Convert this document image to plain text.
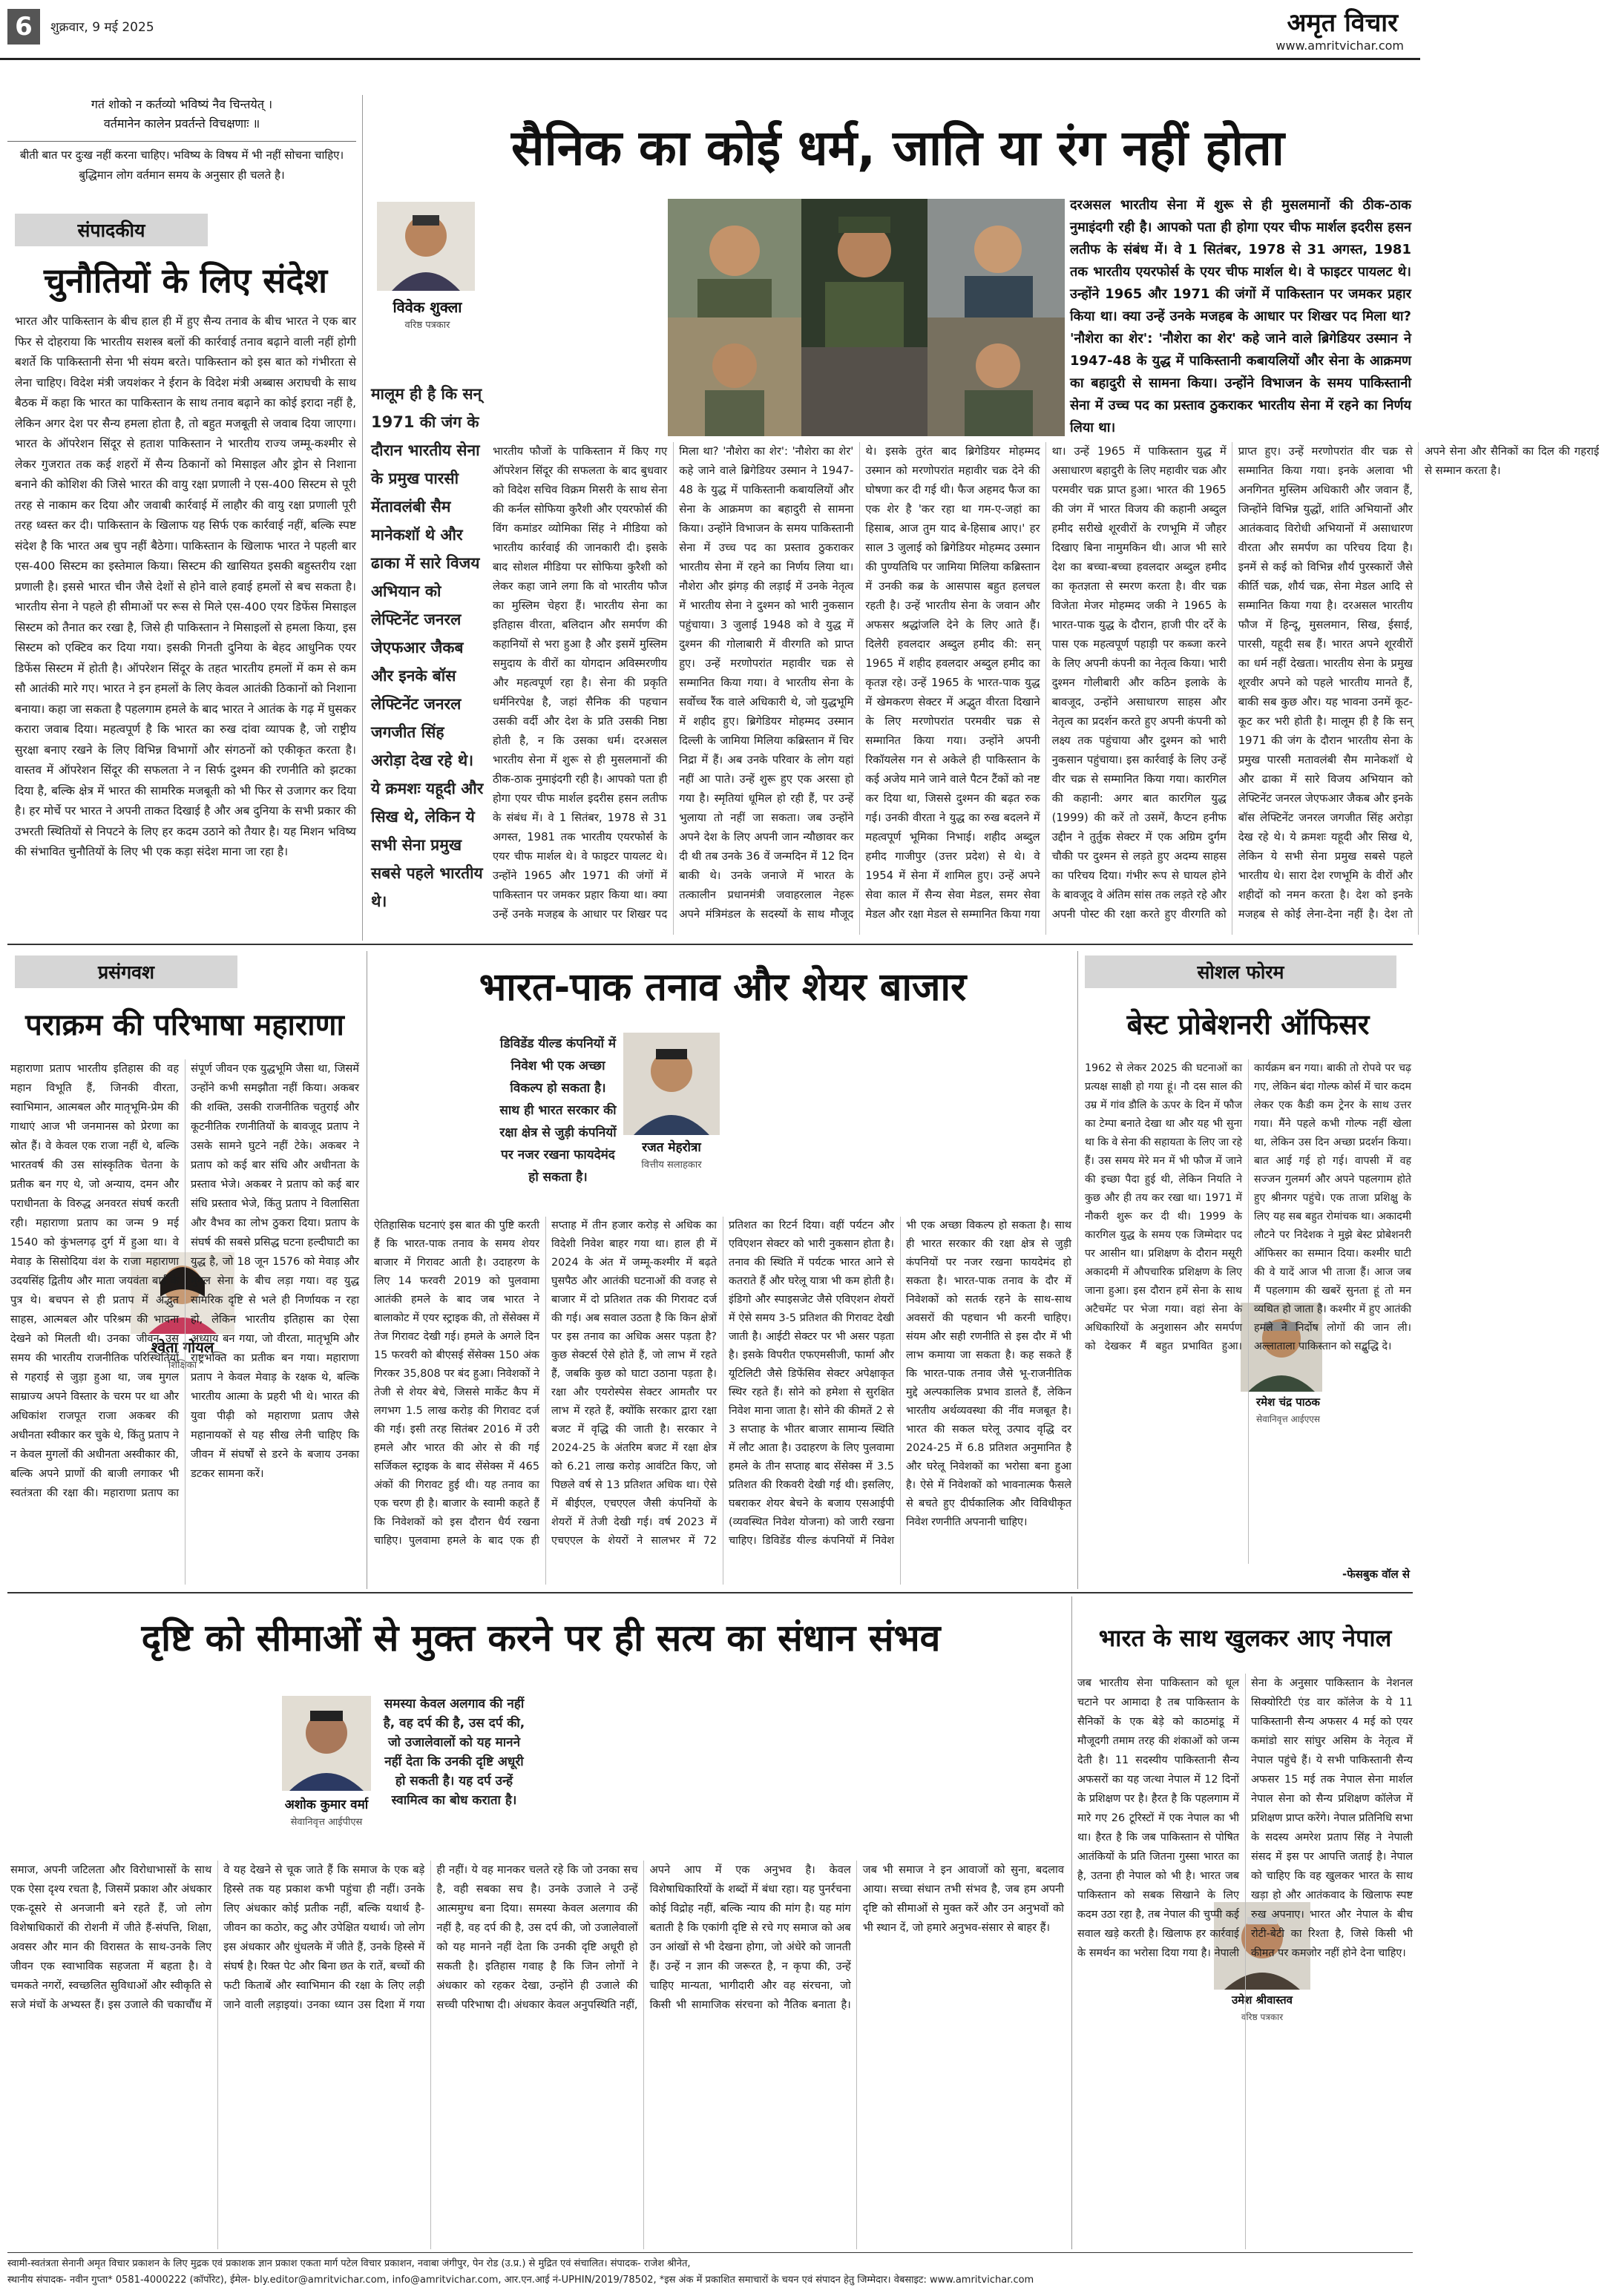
6	शुक्रवार, 9 मई 2025	अमृत विचार
www.amritvichar.com
गतं शोको न कर्तव्यो भविष्यं नैव चिन्तयेत् ।
वर्तमानेन कालेन प्रवर्तन्ते विचक्षणाः ॥
बीती बात पर दुःख नहीं करना चाहिए। भविष्य के विषय में भी नहीं सोचना चाहिए।
बुद्धिमान लोग वर्तमान समय के अनुसार ही चलते है।
संपादकीय
चुनौतियों के लिए संदेश
भारत और पाकिस्तान के बीच हाल ही में हुए सैन्य तनाव के बीच भारत ने एक बार फिर से दोहराया कि भारतीय सशस्त्र बलों की कार्रवाई तनाव बढ़ाने वाली नहीं होगी बशर्ते कि पाकिस्तानी सेना भी संयम बरते। पाकिस्तान को इस बात को गंभीरता से लेना चाहिए। विदेश मंत्री जयशंकर ने ईरान के विदेश मंत्री अब्बास अराघची के साथ बैठक में कहा कि भारत का पाकिस्तान के साथ तनाव बढ़ाने का कोई इरादा नहीं है, लेकिन अगर देश पर सैन्य हमला होता है, तो बहुत मजबूती से जवाब दिया जाएगा। भारत के ऑपरेशन सिंदूर से हताश पाकिस्तान ने भारतीय राज्य जम्मू-कश्मीर से लेकर गुजरात तक कई शहरों में सैन्य ठिकानों को मिसाइल और ड्रोन से निशाना बनाने की कोशिश की जिसे भारत की वायु रक्षा प्रणाली ने एस-400 सिस्टम से पूरी तरह से नाकाम कर दिया और जवाबी कार्रवाई में लाहौर की वायु रक्षा प्रणाली पूरी तरह ध्वस्त कर दी। पाकिस्तान के खिलाफ यह सिर्फ एक कार्रवाई नहीं, बल्कि स्पष्ट संदेश है कि भारत अब चुप नहीं बैठेगा। पाकिस्तान के खिलाफ भारत ने पहली बार एस-400 सिस्टम का इस्तेमाल किया। सिस्टम की खासियत इसकी बहुस्तरीय रक्षा प्रणाली है। इससे भारत चीन जैसे देशों से होने वाले हवाई हमलों से बच सकता है। भारतीय सेना ने पहले ही सीमाओं पर रूस से मिले एस-400 एयर डिफेंस मिसाइल सिस्टम को तैनात कर रखा है, जिसे ही पाकिस्तान ने मिसाइलों से हमला किया, इस सिस्टम को एक्टिव कर दिया गया। इसकी गिनती दुनिया के बेहद आधुनिक एयर डिफेंस सिस्टम में होती है। ऑपरेशन सिंदूर के तहत भारतीय हमलों में कम से कम सौ आतंकी मारे गए। भारत ने इन हमलों के लिए केवल आतंकी ठिकानों को निशाना बनाया। कहा जा सकता है पहलगाम हमले के बाद भारत ने आतंक के गढ़ में घुसकर करारा जवाब दिया। महत्वपूर्ण है कि भारत का रुख दांवा व्यापक है, जो राष्ट्रीय सुरक्षा बनाए रखने के लिए विभिन्न विभागों और संगठनों को एकीकृत करता है। वास्तव में ऑपरेशन सिंदूर की सफलता ने न सिर्फ दुश्मन की रणनीति को झटका दिया है, बल्कि क्षेत्र में भारत की सामरिक मजबूती को भी फिर से उजागर कर दिया है। हर मोर्चे पर भारत ने अपनी ताकत दिखाई है और अब दुनिया के सभी प्रकार की उभरती स्थितियों से निपटने के लिए हर कदम उठाने को तैयार है। यह मिशन भविष्य की संभावित चुनौतियों के लिए भी एक कड़ा संदेश माना जा रहा है।
सैनिक का कोई धर्म, जाति या रंग नहीं होता
विवेक शुक्ला
वरिष्ठ पत्रकार
मालूम ही है कि सन् 1971 की जंग के दौरान भारतीय सेना के प्रमुख पारसी मेंतावलंबी सैम मानेकशॉ थे और ढाका में सारे विजय अभियान को लेफ्टिनेंट जनरल जेएफआर जैकब और इनके बॉस लेफ्टिनेंट जनरल जगजीत सिंह अरोड़ा देख रहे थे। ये क्रमशः यहूदी और सिख थे, लेकिन ये सभी सेना प्रमुख सबसे पहले भारतीय थे।
दरअसल भारतीय सेना में शुरू से ही मुसलमानों की ठीक-ठाक नुमाइंदगी रही है। आपको पता ही होगा एयर चीफ मार्शल इदरीस हसन लतीफ के संबंध में। वे 1 सितंबर, 1978 से 31 अगस्त, 1981 तक भारतीय एयरफोर्स के एयर चीफ मार्शल थे। वे फाइटर पायलट थे। उन्होंने 1965 और 1971 की जंगों में पाकिस्तान पर जमकर प्रहार किया था। क्या उन्हें उनके मजहब के आधार पर शिखर पद मिला था? 'नौशेरा का शेर': 'नौशेरा का शेर' कहे जाने वाले ब्रिगेडियर उस्मान ने 1947-48 के युद्ध में पाकिस्तानी कबायलियों और सेना के आक्रमण का बहादुरी से सामना किया। उन्होंने विभाजन के समय पाकिस्तानी सेना में उच्च पद का प्रस्ताव ठुकराकर भारतीय सेना में रहने का निर्णय लिया था।
भारतीय फौजों के पाकिस्तान में किए गए ऑपरेशन सिंदूर की सफलता के बाद बुधवार को विदेश सचिव विक्रम मिसरी के साथ सेना की कर्नल सोफिया कुरैशी और एयरफोर्स की विंग कमांडर व्योमिका सिंह ने मीडिया को भारतीय कार्रवाई की जानकारी दी। इसके बाद सोशल मीडिया पर सोफिया कुरैशी को लेकर कहा जाने लगा कि वो भारतीय फौज का मुस्लिम चेहरा हैं। भारतीय सेना का इतिहास वीरता, बलिदान और समर्पण की कहानियों से भरा हुआ है और इसमें मुस्लिम समुदाय के वीरों का योगदान अविस्मरणीय और महत्वपूर्ण रहा है। सेना की प्रकृति धर्मनिरपेक्ष है, जहां सैनिक की पहचान उसकी वर्दी और देश के प्रति उसकी निष्ठा होती है, न कि उसका धर्म। दरअसल भारतीय सेना में शुरू से ही मुसलमानों की ठीक-ठाक नुमाइंदगी रही है। आपको पता ही होगा एयर चीफ मार्शल इदरीस हसन लतीफ के संबंध में। वे 1 सितंबर, 1978 से 31 अगस्त, 1981 तक भारतीय एयरफोर्स के एयर चीफ मार्शल थे। वे फाइटर पायलट थे। उन्होंने 1965 और 1971 की जंगों में पाकिस्तान पर जमकर प्रहार किया था। क्या उन्हें उनके मजहब के आधार पर शिखर पद मिला था? 'नौशेरा का शेर': 'नौशेरा का शेर' कहे जाने वाले ब्रिगेडियर उस्मान ने 1947-48 के युद्ध में पाकिस्तानी कबायलियों और सेना के आक्रमण का बहादुरी से सामना किया। उन्होंने विभाजन के समय पाकिस्तानी सेना में उच्च पद का प्रस्ताव ठुकराकर भारतीय सेना में रहने का निर्णय लिया था। नौशेरा और झंगड़ की लड़ाई में उनके नेतृत्व में भारतीय सेना ने दुश्मन को भारी नुकसान पहुंचाया। 3 जुलाई 1948 को वे युद्ध में दुश्मन की गोलाबारी में वीरगति को प्राप्त हुए। उन्हें मरणोपरांत महावीर चक्र से सम्मानित किया गया। वे भारतीय सेना के सर्वोच्च रैंक वाले अधिकारी थे, जो युद्धभूमि में शहीद हुए। ब्रिगेडियर मोहम्मद उस्मान दिल्ली के जामिया मिलिया कब्रिस्तान में चिर निद्रा में हैं। अब उनके परिवार के लोग यहां नहीं आ पाते। उन्हें शुरू हुए एक अरसा हो गया है। स्मृतियां धूमिल हो रही हैं, पर उन्हें भुलाया तो नहीं जा सकता। जब उन्होंने अपने देश के लिए अपनी जान न्यौछावर कर दी थी तब उनके 36 वें जन्मदिन में 12 दिन बाकी थे। उनके जनाजे में भारत के तत्कालीन प्रधानमंत्री जवाहरलाल नेहरू अपने मंत्रिमंडल के सदस्यों के साथ मौजूद थे। इसके तुरंत बाद ब्रिगेडियर मोहम्मद उस्मान को मरणोपरांत महावीर चक्र देने की घोषणा कर दी गई थी। फैज अहमद फैज का एक शेर है 'कर रहा था गम-ए-जहां का हिसाब, आज तुम याद बे-हिसाब आए।' हर साल 3 जुलाई को ब्रिगेडियर मोहम्मद उस्मान की पुण्यतिथि पर जामिया मिलिया कब्रिस्तान में उनकी कब्र के आसपास बहुत हलचल रहती है। उन्हें भारतीय सेना के जवान और अफसर श्रद्धांजलि देने के लिए आते हैं। दिलेरी हवलदार अब्दुल हमीद की: सन् 1965 में शहीद हवलदार अब्दुल हमीद का कृतज्ञ रहे। उन्हें 1965 के भारत-पाक युद्ध में खेमकरण सेक्टर में अद्भुत वीरता दिखाने के लिए मरणोपरांत परमवीर चक्र से सम्मानित किया गया। उन्होंने अपनी रिकॉयलेस गन से अकेले ही पाकिस्तान के कई अजेय माने जाने वाले पैटन टैंकों को नष्ट कर दिया था, जिससे दुश्मन की बढ़त रुक गई। उनकी वीरता ने युद्ध का रुख बदलने में महत्वपूर्ण भूमिका निभाई। शहीद अब्दुल हमीद गाजीपुर (उत्तर प्रदेश) से थे। वे 1954 में सेना में शामिल हुए। उन्हें अपने सेवा काल में सैन्य सेवा मेडल, समर सेवा मेडल और रक्षा मेडल से सम्मानित किया गया था। उन्हें 1965 में पाकिस्तान युद्ध में असाधारण बहादुरी के लिए महावीर चक्र और परमवीर चक्र प्राप्त हुआ। भारत की 1965 की जंग में भारत विजय की कहानी अब्दुल हमीद सरीखे शूरवीरों के रणभूमि में जौहर दिखाए बिना नामुमकिन थी। आज भी सारे देश का बच्चा-बच्चा हवलदार अब्दुल हमीद का कृतज्ञता से स्मरण करता है। वीर चक्र विजेता मेजर मोहम्मद जकी ने 1965 के भारत-पाक युद्ध के दौरान, हाजी पीर दर्रे के पास एक महत्वपूर्ण पहाड़ी पर कब्जा करने के लिए अपनी कंपनी का नेतृत्व किया। भारी दुश्मन गोलीबारी और कठिन इलाके के बावजूद, उन्होंने असाधारण साहस और नेतृत्व का प्रदर्शन करते हुए अपनी कंपनी को लक्ष्य तक पहुंचाया और दुश्मन को भारी नुकसान पहुंचाया। इस कार्रवाई के लिए उन्हें वीर चक्र से सम्मानित किया गया। कारगिल की कहानी: अगर बात कारगिल युद्ध (1999) की करें तो उसमें, कैप्टन हनीफ उद्दीन ने तुर्तुक सेक्टर में एक अग्रिम दुर्गम चौकी पर दुश्मन से लड़ते हुए अदम्य साहस का परिचय दिया। गंभीर रूप से घायल होने के बावजूद वे अंतिम सांस तक लड़ते रहे और अपनी पोस्ट की रक्षा करते हुए वीरगति को प्राप्त हुए। उन्हें मरणोपरांत वीर चक्र से सम्मानित किया गया। इनके अलावा भी अनगिनत मुस्लिम अधिकारी और जवान हैं, जिन्होंने विभिन्न युद्धों, शांति अभियानों और आतंकवाद विरोधी अभियानों में असाधारण वीरता और समर्पण का परिचय दिया है। इनमें से कई को विभिन्न शौर्य पुरस्कारों जैसे कीर्ति चक्र, शौर्य चक्र, सेना मेडल आदि से सम्मानित किया गया है। दरअसल भारतीय फौज में हिन्दू, मुसलमान, सिख, ईसाई, पारसी, यहूदी सब हैं। भारत अपने शूरवीरों का धर्म नहीं देखता। भारतीय सेना के प्रमुख शूरवीर अपने को पहले भारतीय मानते हैं, बाकी सब कुछ और। यह भावना उनमें कूट-कूट कर भरी होती है। मालूम ही है कि सन् 1971 की जंग के दौरान भारतीय सेना के प्रमुख पारसी मतावलंबी सैम मानेकशॉ थे और ढाका में सारे विजय अभियान को लेफ्टिनेंट जनरल जेएफआर जैकब और इनके बॉस लेफ्टिनेंट जनरल जगजीत सिंह अरोड़ा देख रहे थे। ये क्रमशः यहूदी और सिख थे, लेकिन ये सभी सेना प्रमुख सबसे पहले भारतीय थे। सारा देश रणभूमि के वीरों और शहीदों को नमन करता है। देश को इनके मजहब से कोई लेना-देना नहीं है। देश तो अपने सेना और सैनिकों का दिल की गहराई से सम्मान करता है।
प्रसंगवश
पराक्रम की परिभाषा महाराणा
श्वेता गोयल
शिक्षिका
महाराणा प्रताप भारतीय इतिहास की वह महान विभूति हैं, जिनकी वीरता, स्वाभिमान, आत्मबल और मातृभूमि-प्रेम की गाथाएं आज भी जनमानस को प्रेरणा का स्रोत हैं। वे केवल एक राजा नहीं थे, बल्कि भारतवर्ष की उस सांस्कृतिक चेतना के प्रतीक बन गए थे, जो अन्याय, दमन और पराधीनता के विरुद्ध अनवरत संघर्ष करती रही। महाराणा प्रताप का जन्म 9 मई 1540 को कुंभलगढ़ दुर्ग में हुआ था। वे मेवाड़ के सिसोदिया वंश के राजा महाराणा उदयसिंह द्वितीय और माता जयवंता बाई के पुत्र थे। बचपन से ही प्रताप में अद्भुत साहस, आत्मबल और परिश्रम की भावना देखने को मिलती थी। उनका जीवन उस समय की भारतीय राजनीतिक परिस्थितियों से गहराई से जुड़ा हुआ था, जब मुगल साम्राज्य अपने विस्तार के चरम पर था और अधिकांश राजपूत राजा अकबर की अधीनता स्वीकार कर चुके थे, किंतु प्रताप ने न केवल मुगलों की अधीनता अस्वीकार की, बल्कि अपने प्राणों की बाजी लगाकर भी स्वतंत्रता की रक्षा की। महाराणा प्रताप का संपूर्ण जीवन एक युद्धभूमि जैसा था, जिसमें उन्होंने कभी समझौता नहीं किया। अकबर की शक्ति, उसकी राजनीतिक चतुराई और कूटनीतिक रणनीतियों के बावजूद प्रताप ने उसके सामने घुटने नहीं टेके। अकबर ने प्रताप को कई बार संधि और अधीनता के प्रस्ताव भेजे। अकबर ने प्रताप को कई बार संधि प्रस्ताव भेजे, किंतु प्रताप ने विलासिता और वैभव का लोभ ठुकरा दिया। प्रताप के संघर्ष की सबसे प्रसिद्ध घटना हल्दीघाटी का युद्ध है, जो 18 जून 1576 को मेवाड़ और मुगल सेना के बीच लड़ा गया। वह युद्ध सामरिक दृष्टि से भले ही निर्णायक न रहा हो, लेकिन भारतीय इतिहास का ऐसा अध्याय बन गया, जो वीरता, मातृभूमि और राष्ट्रभक्ति का प्रतीक बन गया। महाराणा प्रताप ने केवल मेवाड़ के रक्षक थे, बल्कि भारतीय आत्मा के प्रहरी भी थे। भारत की युवा पीढ़ी को महाराणा प्रताप जैसे महानायकों से यह सीख लेनी चाहिए कि जीवन में संघर्षों से डरने के बजाय उनका डटकर सामना करें।
भारत-पाक तनाव और शेयर बाजार
डिविडेंड यील्ड कंपनियों में निवेश भी एक अच्छा विकल्प हो सकता है। साथ ही भारत सरकार की रक्षा क्षेत्र से जुड़ी कंपनियों पर नजर रखना फायदेमंद हो सकता है।
रजत मेहरोत्रा
वित्तीय सलाहकार
ऐतिहासिक घटनाएं इस बात की पुष्टि करती हैं कि भारत-पाक तनाव के समय शेयर बाजार में गिरावट आती है। उदाहरण के लिए 14 फरवरी 2019 को पुलवामा आतंकी हमले के बाद जब भारत ने बालाकोट में एयर स्ट्राइक की, तो सेंसेक्स में तेज गिरावट देखी गई। हमले के अगले दिन 15 फरवरी को बीएसई सेंसेक्स 150 अंक गिरकर 35,808 पर बंद हुआ। निवेशकों ने तेजी से शेयर बेचे, जिससे मार्केट कैप में लगभग 1.5 लाख करोड़ की गिरावट दर्ज की गई। इसी तरह सितंबर 2016 में उरी हमले और भारत की ओर से की गई सर्जिकल स्ट्राइक के बाद सेंसेक्स में 465 अंकों की गिरावट हुई थी। यह तनाव का एक चरण ही है। बाजार के स्वामी कहते हैं कि निवेशकों को इस दौरान धैर्य रखना चाहिए। पुलवामा हमले के बाद एक ही सप्ताह में तीन हजार करोड़ से अधिक का विदेशी निवेश बाहर गया था। हाल ही में 2024 के अंत में जम्मू-कश्मीर में बढ़ते घुसपैठ और आतंकी घटनाओं की वजह से बाजार में दो प्रतिशत तक की गिरावट दर्ज की गई। अब सवाल उठता है कि किन क्षेत्रों पर इस तनाव का अधिक असर पड़ता है? कुछ सेक्टर्स ऐसे होते हैं, जो लाभ में रहते हैं, जबकि कुछ को घाटा उठाना पड़ता है। रक्षा और एयरोस्पेस सेक्टर आमतौर पर लाभ में रहते हैं, क्योंकि सरकार द्वारा रक्षा बजट में वृद्धि की जाती है। सरकार ने 2024-25 के अंतरिम बजट में रक्षा क्षेत्र को 6.21 लाख करोड़ आवंटित किए, जो पिछले वर्ष से 13 प्रतिशत अधिक था। ऐसे में बीईएल, एचएएल जैसी कंपनियों के शेयरों में तेजी देखी गई। वर्ष 2023 में एचएएल के शेयरों ने सालभर में 72 प्रतिशत का रिटर्न दिया। वहीं पर्यटन और एविएशन सेक्टर को भारी नुकसान होता है। तनाव की स्थिति में पर्यटक भारत आने से कतराते हैं और घरेलू यात्रा भी कम होती है। इंडिगो और स्पाइसजेट जैसे एविएशन शेयरों में ऐसे समय 3-5 प्रतिशत की गिरावट देखी जाती है। आईटी सेक्टर पर भी असर पड़ता है। इसके विपरीत एफएमसीजी, फार्मा और यूटिलिटी जैसे डिफेंसिव सेक्टर अपेक्षाकृत स्थिर रहते हैं। सोने को हमेशा से सुरक्षित निवेश माना जाता है। सोने की कीमतें 2 से 3 सप्ताह के भीतर बाजार सामान्य स्थिति में लौट आता है। उदाहरण के लिए पुलवामा हमले के तीन सप्ताह बाद सेंसेक्स में 3.5 प्रतिशत की रिकवरी देखी गई थी। इसलिए, घबराकर शेयर बेचने के बजाय एसआईपी (व्यवस्थित निवेश योजना) को जारी रखना चाहिए। डिविडेंड यील्ड कंपनियों में निवेश भी एक अच्छा विकल्प हो सकता है। साथ ही भारत सरकार की रक्षा क्षेत्र से जुड़ी कंपनियों पर नजर रखना फायदेमंद हो सकता है। भारत-पाक तनाव के दौर में निवेशकों को सतर्क रहने के साथ-साथ अवसरों की पहचान भी करनी चाहिए। संयम और सही रणनीति से इस दौर में भी लाभ कमाया जा सकता है। कह सकते हैं कि भारत-पाक तनाव जैसे भू-राजनीतिक मुद्दे अल्पकालिक प्रभाव डालते हैं, लेकिन भारतीय अर्थव्यवस्था की नींव मजबूत है। भारत की सकल घरेलू उत्पाद वृद्धि दर 2024-25 में 6.8 प्रतिशत अनुमानित है और घरेलू निवेशकों का भरोसा बना हुआ है। ऐसे में निवेशकों को भावनात्मक फैसले से बचते हुए दीर्घकालिक और विविधीकृत निवेश रणनीति अपनानी चाहिए।
सोशल फोरम
बेस्ट प्रोबेशनरी ऑफिसर
रमेश चंद्र पाठक
सेवानिवृत्त आईएएस
1962 से लेकर 2025 की घटनाओं का प्रत्यक्ष साक्षी हो गया हूं। नौ दस साल की उम्र में गांव डौलि के ऊपर के दिन में फौज का टेम्पा बनाते देखा था और यह भी सुना था कि वे सेना की सहायता के लिए जा रहे हैं। उस समय मेरे मन में भी फौज में जाने की इच्छा पैदा हुई थी, लेकिन नियति ने कुछ और ही तय कर रखा था। 1971 में नौकरी शुरू कर दी थी। 1999 के कारगिल युद्ध के समय एक जिम्मेदार पद पर आसीन था। प्रशिक्षण के दौरान मसूरी अकादमी में औपचारिक प्रशिक्षण के लिए जाना हुआ। इस दौरान हमें सेना के साथ अटैचमेंट पर भेजा गया। वहां सेना के अधिकारियों के अनुशासन और समर्पण को देखकर मैं बहुत प्रभावित हुआ। कार्यक्रम बन गया। बाकी तो रोपवे पर चढ़ गए, लेकिन बंदा गोल्फ कोर्स में चार कदम लेकर एक कैडी कम ट्रेनर के साथ उत्तर गया। मैंने पहले कभी गोल्फ नहीं खेला था, लेकिन उस दिन अच्छा प्रदर्शन किया। बात आई गई हो गई। वापसी में वह सज्जन गुलमर्ग और अपने पहलगाम होते हुए श्रीनगर पहुंचे। एक ताजा प्रशिक्षु के लिए यह सब बहुत रोमांचक था। अकादमी लौटने पर निदेशक ने मुझे बेस्ट प्रोबेशनरी ऑफिसर का सम्मान दिया। कश्मीर घाटी की वे यादें आज भी ताजा हैं। आज जब मैं पहलगाम की खबरें सुनता हूं तो मन व्यथित हो जाता है। कश्मीर में हुए आतंकी हमले ने निर्दोष लोगों की जान ली। अल्लाताला पाकिस्तान को सद्बुद्धि दे।
-फेसबुक वॉल से
दृष्टि को सीमाओं से मुक्त करने पर ही सत्य का संधान संभव
अशोक कुमार वर्मा
सेवानिवृत्त आईपीएस
समस्या केवल अलगाव की नहीं है, वह दर्प की है, उस दर्प की, जो उजालेवालों को यह मानने नहीं देता कि उनकी दृष्टि अधूरी हो सकती है। यह दर्प उन्हें स्वामित्व का बोध कराता है।
समाज, अपनी जटिलता और विरोधाभासों के साथ एक ऐसा दृश्य रचता है, जिसमें प्रकाश और अंधकार एक-दूसरे से अनजानी बने रहते हैं, जो लोग विशेषाधिकारों की रोशनी में जीते हैं-संपत्ति, शिक्षा, अवसर और मान की विरासत के साथ-उनके लिए जीवन एक स्वाभाविक सहजता में बहता है। वे चमकते नगरों, स्वच्छलित सुविधाओं और स्वीकृति से सजे मंचों के अभ्यस्त हैं। इस उजाले की चकाचौंध में वे यह देखने से चूक जाते हैं कि समाज के एक बड़े हिस्से तक यह प्रकाश कभी पहुंचा ही नहीं। उनके लिए अंधकार कोई प्रतीक नहीं, बल्कि यथार्थ है- जीवन का कठोर, कटु और उपेक्षित यथार्थ। जो लोग इस अंधकार और धुंधलके में जीते हैं, उनके हिस्से में संघर्ष है। रिक्त पेट और बिना छत के रातें, बच्चों की फटी किताबें और स्वाभिमान की रक्षा के लिए लड़ी जाने वाली लड़ाइयां। उनका ध्यान उस दिशा में गया ही नहीं। ये वह मानकर चलते रहे कि जो उनका सच है, वही सबका सच है। उनके उजाले ने उन्हें आत्ममुग्ध बना दिया। समस्या केवल अलगाव की नहीं है, वह दर्प की है, उस दर्प की, जो उजालेवालों को यह मानने नहीं देता कि उनकी दृष्टि अधूरी हो सकती है। इतिहास गवाह है कि जिन लोगों ने अंधकार को रहकर देखा, उन्होंने ही उजाले की सच्ची परिभाषा दी। अंधकार केवल अनुपस्थिति नहीं, अपने आप में एक अनुभव है। केवल विशेषाधिकारियों के शब्दों में बंधा रहा। यह पुनर्रचना कोई विद्रोह नहीं, बल्कि न्याय की मांग है। यह मांग बताती है कि एकांगी दृष्टि से रचे गए समाज को अब उन आंखों से भी देखना होगा, जो अंधेरे को जानती हैं। उन्हें न ज्ञान की जरूरत है, न कृपा की, उन्हें चाहिए मान्यता, भागीदारी और वह संरचना, जो किसी भी सामाजिक संरचना को नैतिक बनाता है। जब भी समाज ने इन आवाजों को सुना, बदलाव आया। सच्चा संधान तभी संभव है, जब हम अपनी दृष्टि को सीमाओं से मुक्त करें और उन अनुभवों को भी स्थान दें, जो हमारे अनुभव-संसार से बाहर हैं।
भारत के साथ खुलकर आए नेपाल
उमेश श्रीवास्तव
वरिष्ठ पत्रकार
जब भारतीय सेना पाकिस्तान को धूल चटाने पर आमादा है तब पाकिस्तान के सैनिकों के एक बेड़े को काठमांडू में मौजूदगी तमाम तरह की शंकाओं को जन्म देती है। 11 सदस्यीय पाकिस्तानी सैन्य अफसरों का यह जत्था नेपाल में 12 दिनों के प्रशिक्षण पर है। हैरत है कि पहलगाम में मारे गए 26 टूरिस्टों में एक नेपाल का भी था। हैरत है कि जब पाकिस्तान से पोषित आतंकियों के प्रति जितना गुस्सा भारत का है, उतना ही नेपाल को भी है। भारत जब पाकिस्तान को सबक सिखाने के लिए कदम उठा रहा है, तब नेपाल की चुप्पी कई सवाल खड़े करती है। खिलाफ हर कार्रवाई के समर्थन का भरोसा दिया गया है। नेपाली सेना के अनुसार पाकिस्तान के नेशनल सिक्योरिटी एंड वार कॉलेज के ये 11 पाकिस्तानी सैन्य अफसर 4 मई को एयर कमांडो सार सांघुर असिम के नेतृत्व में नेपाल पहुंचे हैं। ये सभी पाकिस्तानी सैन्य अफसर 15 मई तक नेपाल सेना मार्शल नेपाल सेना को सैन्य प्रशिक्षण कॉलेज में प्रशिक्षण प्राप्त करेंगे। नेपाल प्रतिनिधि सभा के सदस्य अमरेश प्रताप सिंह ने नेपाली संसद में इस पर आपत्ति जताई है। नेपाल को चाहिए कि वह खुलकर भारत के साथ खड़ा हो और आतंकवाद के खिलाफ स्पष्ट रुख अपनाए। भारत और नेपाल के बीच रोटी-बेटी का रिश्ता है, जिसे किसी भी कीमत पर कमजोर नहीं होने देना चाहिए।
स्वामी-स्वतंत्रता सेनानी अमृत विचार प्रकाशन के लिए मुद्रक एवं प्रकाशक ज्ञान प्रकाश एकता मार्ग पटेल विचार प्रकाशन, नवाबा जंगीपुर, पेन रोड (उ.प्र.) से मुद्रित एवं संचालित। संपादक- राजेश श्रीनेत,
स्थानीय संपादक- नवीन गुप्ता* 0581-4000222 (कॉर्पोरेट), ईमेल- bly.editor@amritvichar.com, info@amritvichar.com, आर.एन.आई नं-UPHIN/2019/78502, *इस अंक में प्रकाशित समाचारों के चयन एवं संपादन हेतु जिम्मेदार। वेबसाइट: www.amritvichar.com
